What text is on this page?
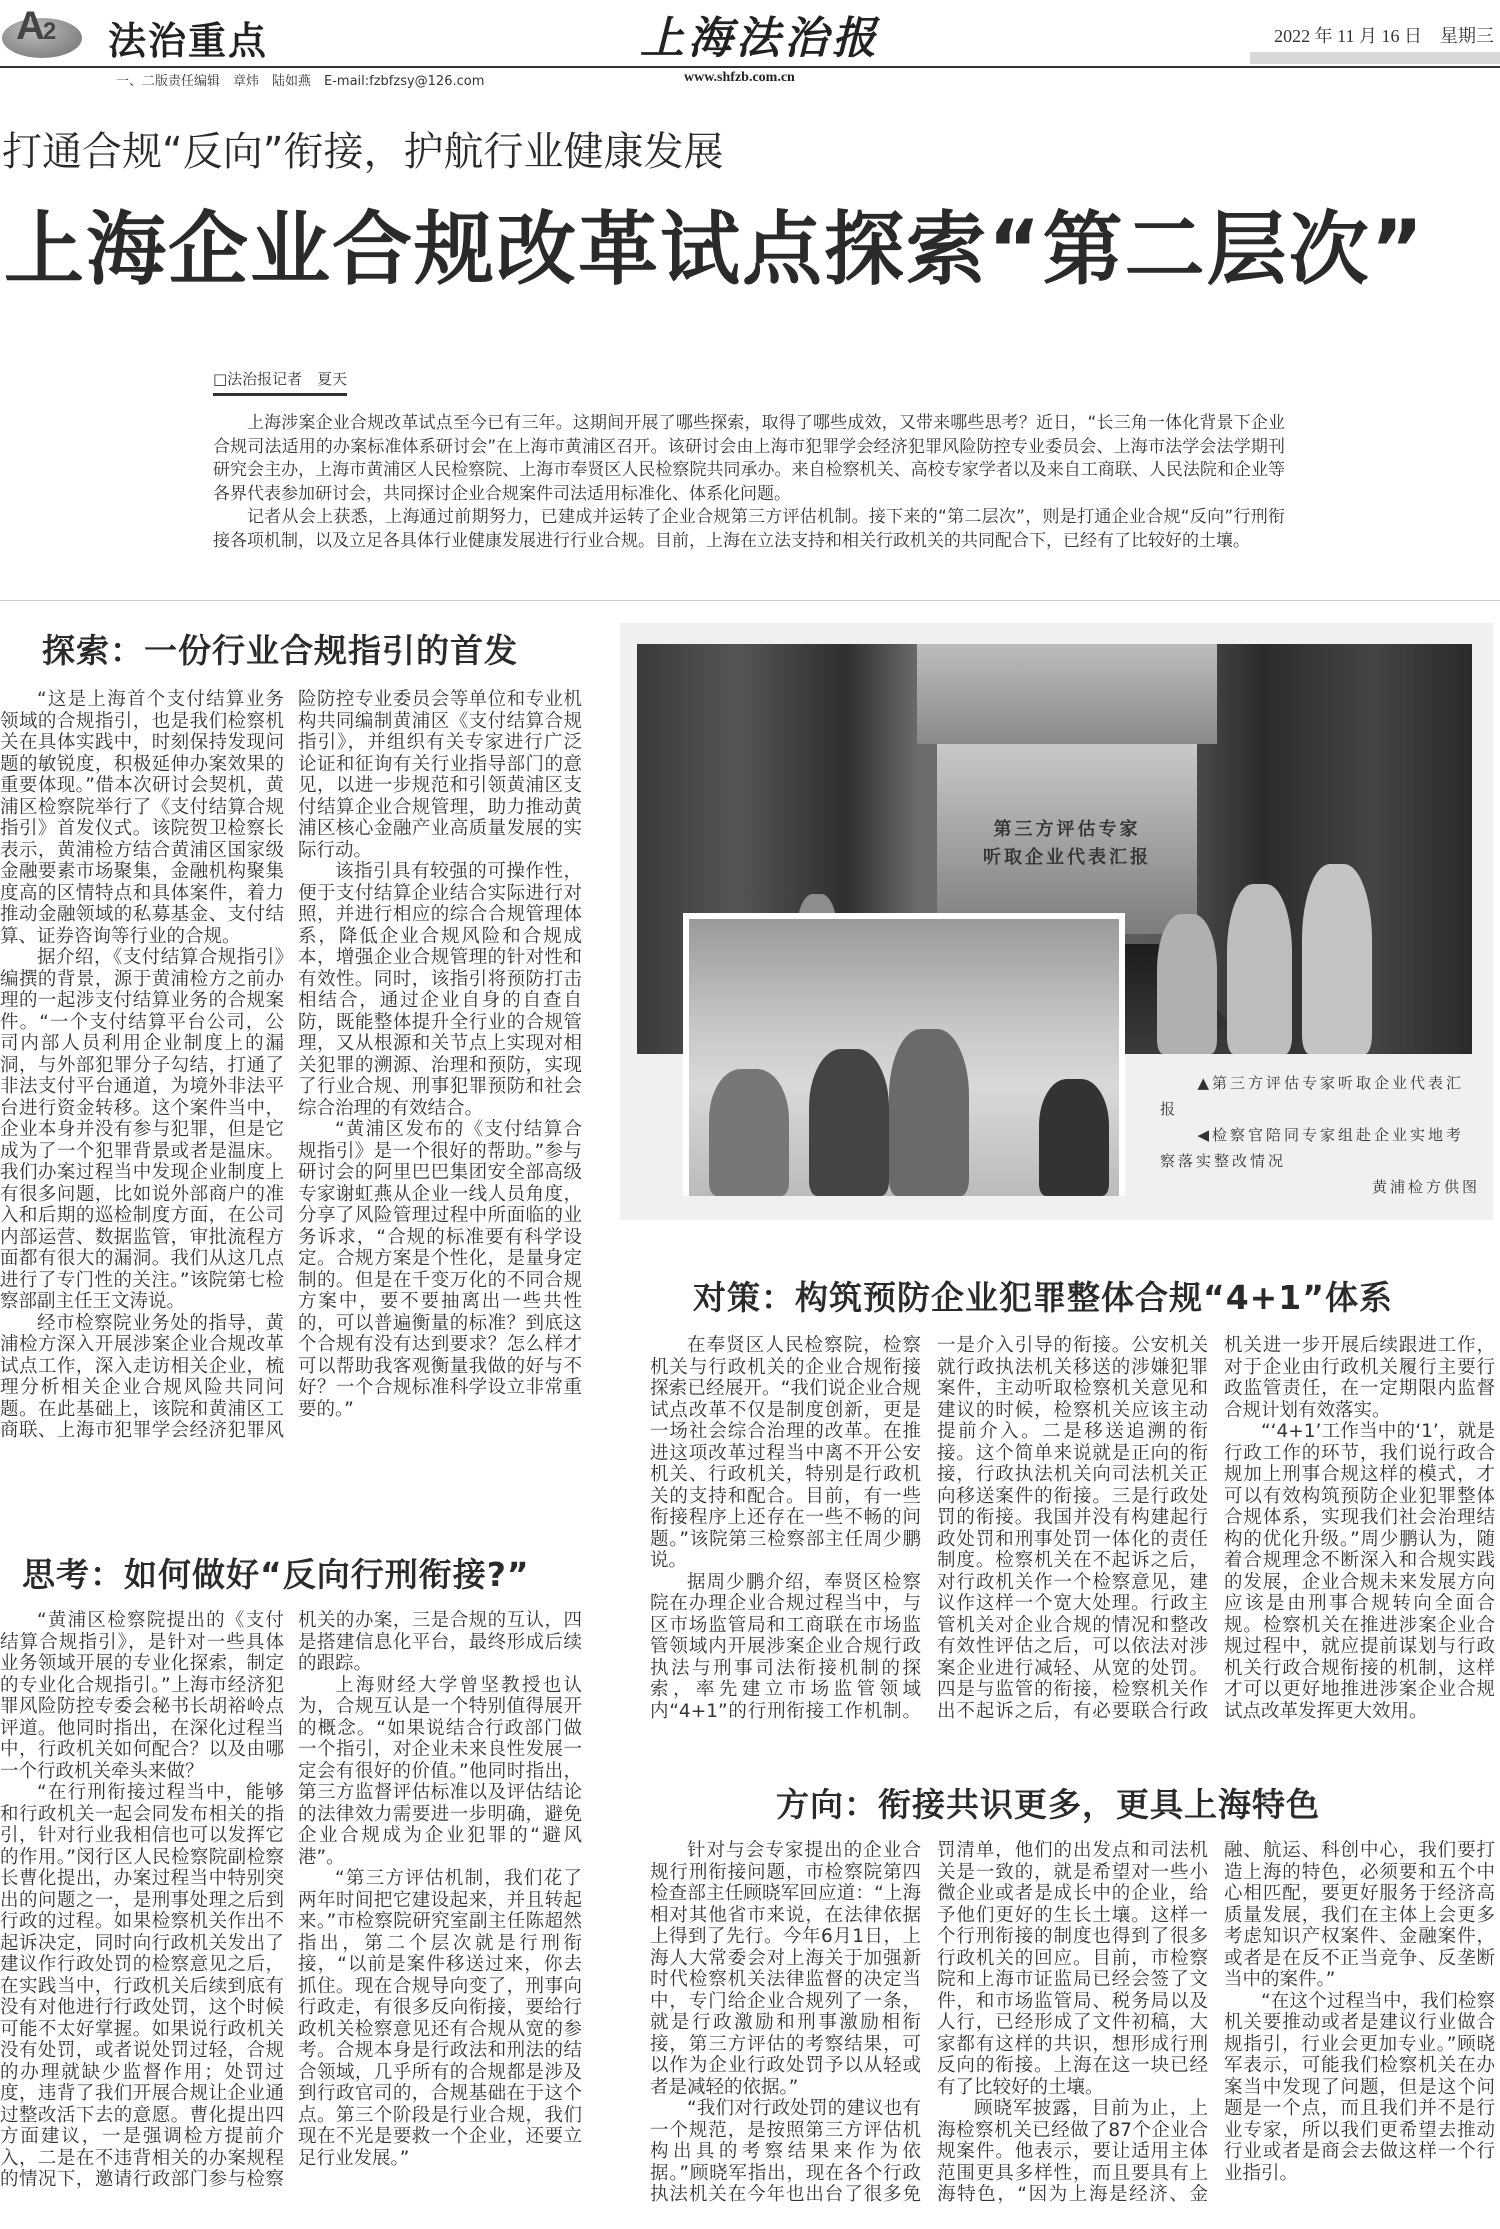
A2 法治重点	上海法治报	2022 年 11 月 16 日　星期三
一、二版责任编辑　章炜　陆如燕　E-mail:fzbfzsy@126.com	www.shfzb.com.cn
打通合规“反向”衔接，护航行业健康发展
上海企业合规改革试点探索“第二层次”
□法治报记者　夏天

上海涉案企业合规改革试点至今已有三年。这期间开展了哪些探索，取得了哪些成效，又带来哪些思考？近日，“长三角一体化背景下企业合规司法适用的办案标准体系研讨会”在上海市黄浦区召开。该研讨会由上海市犯罪学会经济犯罪风险防控专业委员会、上海市法学会法学期刊研究会主办，上海市黄浦区人民检察院、上海市奉贤区人民检察院共同承办。来自检察机关、高校专家学者以及来自工商联、人民法院和企业等各界代表参加研讨会，共同探讨企业合规案件司法适用标准化、体系化问题。

记者从会上获悉，上海通过前期努力，已建成并运转了企业合规第三方评估机制。接下来的“第二层次”，则是打通企业合规“反向”行刑衔接各项机制，以及立足各具体行业健康发展进行行业合规。目前，上海在立法支持和相关行政机关的共同配合下，已经有了比较好的土壤。

探索：一份行业合规指引的首发

“这是上海首个支付结算业务领域的合规指引，也是我们检察机关在具体实践中，时刻保持发现问题的敏锐度，积极延伸办案效果的重要体现。”借本次研讨会契机，黄浦区检察院举行了《支付结算合规指引》首发仪式。该院贺卫检察长表示，黄浦检方结合黄浦区国家级金融要素市场聚集，金融机构聚集度高的区情特点和具体案件，着力推动金融领域的私募基金、支付结算、证券咨询等行业的合规。

据介绍，《支付结算合规指引》编撰的背景，源于黄浦检方之前办理的一起涉支付结算业务的合规案件。“一个支付结算平台公司，公司内部人员利用企业制度上的漏洞，与外部犯罪分子勾结，打通了非法支付平台通道，为境外非法平台进行资金转移。这个案件当中，企业本身并没有参与犯罪，但是它成为了一个犯罪背景或者是温床。我们办案过程当中发现企业制度上有很多问题，比如说外部商户的准入和后期的巡检制度方面，在公司内部运营、数据监管，审批流程方面都有很大的漏洞。我们从这几点进行了专门性的关注。”该院第七检察部副主任王文涛说。

经市检察院业务处的指导，黄浦检方深入开展涉案企业合规改革试点工作，深入走访相关企业，梳理分析相关企业合规风险共同问题。在此基础上，该院和黄浦区工商联、上海市犯罪学会经济犯罪风险防控专业委员会等单位和专业机构共同编制黄浦区《支付结算合规指引》，并组织有关专家进行广泛论证和征询有关行业指导部门的意见，以进一步规范和引领黄浦区支付结算企业合规管理，助力推动黄浦区核心金融产业高质量发展的实际行动。

该指引具有较强的可操作性，便于支付结算企业结合实际进行对照，并进行相应的综合合规管理体系，降低企业合规风险和合规成本，增强企业合规管理的针对性和有效性。同时，该指引将预防打击相结合，通过企业自身的自查自防，既能整体提升全行业的合规管理，又从根源和关节点上实现对相关犯罪的溯源、治理和预防，实现了行业合规、刑事犯罪预防和社会综合治理的有效结合。

“黄浦区发布的《支付结算合规指引》是一个很好的帮助。”参与研讨会的阿里巴巴集团安全部高级专家谢虹燕从企业一线人员角度，分享了风险管理过程中所面临的业务诉求，“合规的标准要有科学设定。合规方案是个性化，是量身定制的。但是在千变万化的不同合规方案中，要不要抽离出一些共性的，可以普遍衡量的标准？到底这个合规有没有达到要求？怎么样才可以帮助我客观衡量我做的好与不好？一个合规标准科学设立非常重要的。”

第三方评估专家
听取企业代表汇报

▲第三方评估专家听取企业代表汇报

◀检察官陪同专家组赴企业实地考察落实整改情况

黄浦检方供图

对策：构筑预防企业犯罪整体合规“4+1”体系

在奉贤区人民检察院，检察机关与行政机关的企业合规衔接探索已经展开。“我们说企业合规试点改革不仅是制度创新，更是一场社会综合治理的改革。在推进这项改革过程当中离不开公安机关、行政机关，特别是行政机关的支持和配合。目前，有一些衔接程序上还存在一些不畅的问题。”该院第三检察部主任周少鹏说。

据周少鹏介绍，奉贤区检察院在办理企业合规过程当中，与区市场监管局和工商联在市场监管领域内开展涉案企业合规行政执法与刑事司法衔接机制的探索，率先建立市场监管领域内“4+1”的行刑衔接工作机制。一是介入引导的衔接。公安机关就行政执法机关移送的涉嫌犯罪案件，主动听取检察机关意见和建议的时候，检察机关应该主动提前介入。二是移送追溯的衔接。这个简单来说就是正向的衔接，行政执法机关向司法机关正向移送案件的衔接。三是行政处罚的衔接。我国并没有构建起行政处罚和刑事处罚一体化的责任制度。检察机关在不起诉之后，对行政机关作一个检察意见，建议作这样一个宽大处理。行政主管机关对企业合规的情况和整改有效性评估之后，可以依法对涉案企业进行减轻、从宽的处罚。四是与监管的衔接，检察机关作出不起诉之后，有必要联合行政机关进一步开展后续跟进工作，对于企业由行政机关履行主要行政监管责任，在一定期限内监督合规计划有效落实。

“‘4+1’工作当中的‘1’，就是行政工作的环节，我们说行政合规加上刑事合规这样的模式，才可以有效构筑预防企业犯罪整体合规体系，实现我们社会治理结构的优化升级。”周少鹏认为，随着合规理念不断深入和合规实践的发展，企业合规未来发展方向应该是由刑事合规转向全面合规。检察机关在推进涉案企业合规过程中，就应提前谋划与行政机关行政合规衔接的机制，这样才可以更好地推进涉案企业合规试点改革发挥更大效用。

思考：如何做好“反向行刑衔接?”

“黄浦区检察院提出的《支付结算合规指引》，是针对一些具体业务领域开展的专业化探索，制定的专业化合规指引。”上海市经济犯罪风险防控专委会秘书长胡裕岭点评道。他同时指出，在深化过程当中，行政机关如何配合？以及由哪一个行政机关牵头来做？

“在行刑衔接过程当中，能够和行政机关一起会同发布相关的指引，针对行业我相信也可以发挥它的作用。”闵行区人民检察院副检察长曹化提出，办案过程当中特别突出的问题之一，是刑事处理之后到行政的过程。如果检察机关作出不起诉决定，同时向行政机关发出了建议作行政处罚的检察意见之后，在实践当中，行政机关后续到底有没有对他进行行政处罚，这个时候可能不太好掌握。如果说行政机关没有处罚，或者说处罚过轻，合规的办理就缺少监督作用；处罚过度，违背了我们开展合规让企业通过整改活下去的意愿。曹化提出四方面建议，一是强调检方提前介入，二是在不违背相关的办案规程的情况下，邀请行政部门参与检察机关的办案，三是合规的互认，四是搭建信息化平台，最终形成后续的跟踪。

上海财经大学曾坚教授也认为，合规互认是一个特别值得展开的概念。“如果说结合行政部门做一个指引，对企业未来良性发展一定会有很好的价值。”他同时指出，第三方监督评估标准以及评估结论的法律效力需要进一步明确，避免企业合规成为企业犯罪的“避风港”。

“第三方评估机制，我们花了两年时间把它建设起来，并且转起来。”市检察院研究室副主任陈超然指出，第二个层次就是行刑衔接，“以前是案件移送过来，你去抓住。现在合规导向变了，刑事向行政走，有很多反向衔接，要给行政机关检察意见还有合规从宽的参考。合规本身是行政法和刑法的结合领域，几乎所有的合规都是涉及到行政官司的，合规基础在于这个点。第三个阶段是行业合规，我们现在不光是要救一个企业，还要立足行业发展。”

方向：衔接共识更多，更具上海特色

针对与会专家提出的企业合规行刑衔接问题，市检察院第四检查部主任顾晓军回应道：“上海相对其他省市来说，在法律依据上得到了先行。今年6月1日，上海人大常委会对上海关于加强新时代检察机关法律监督的决定当中，专门给企业合规列了一条，就是行政激励和刑事激励相衔接，第三方评估的考察结果，可以作为企业行政处罚予以从轻或者是减轻的依据。”

“我们对行政处罚的建议也有一个规范，是按照第三方评估机构出具的考察结果来作为依据。”顾晓军指出，现在各个行政执法机关在今年也出台了很多免罚清单，他们的出发点和司法机关是一致的，就是希望对一些小微企业或者是成长中的企业，给予他们更好的生长土壤。这样一个行刑衔接的制度也得到了很多行政机关的回应。目前，市检察院和上海市证监局已经会签了文件，和市场监管局、税务局以及人行，已经形成了文件初稿，大家都有这样的共识，想形成行刑反向的衔接。上海在这一块已经有了比较好的土壤。

顾晓军披露，目前为止，上海检察机关已经做了87个企业合规案件。他表示，要让适用主体范围更具多样性，而且要具有上海特色，“因为上海是经济、金融、航运、科创中心，我们要打造上海的特色，必须要和五个中心相匹配，要更好服务于经济高质量发展，我们在主体上会更多考虑知识产权案件、金融案件，或者是在反不正当竞争、反垄断当中的案件。”

“在这个过程当中，我们检察机关要推动或者是建议行业做合规指引，行业会更加专业。”顾晓军表示，可能我们检察机关在办案当中发现了问题，但是这个问题是一个点，而且我们并不是行业专家，所以我们更希望去推动行业或者是商会去做这样一个行业指引。
